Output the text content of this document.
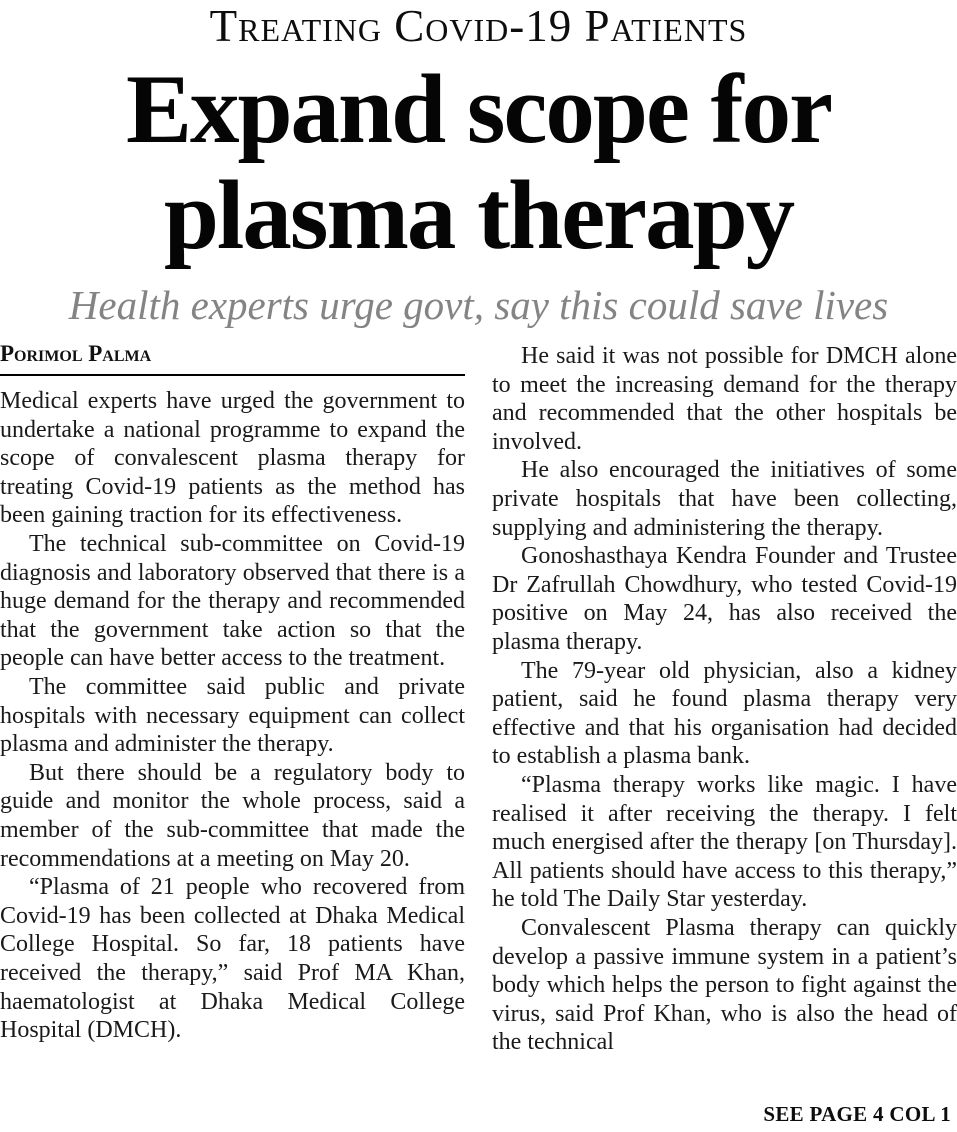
Treating Covid-19 Patients
Expand scope for
plasma therapy
Health experts urge govt, say this could save lives
Porimol Palma

Medical experts have urged the government to undertake a national programme to expand the scope of convalescent plasma therapy for treating Covid-19 patients as the method has been gaining traction for its effectiveness.

The technical sub-committee on Covid-19 diagnosis and laboratory observed that there is a huge demand for the therapy and recommended that the government take action so that the people can have better access to the treatment.

The committee said public and private hospitals with necessary equipment can collect plasma and administer the therapy.

But there should be a regulatory body to guide and monitor the whole process, said a member of the sub-committee that made the recommendations at a meeting on May 20.

“Plasma of 21 people who recovered from Covid-19 has been collected at Dhaka Medical College Hospital. So far, 18 patients have received the therapy,” said Prof MA Khan, haematologist at Dhaka Medical College Hospital (DMCH).

He said it was not possible for DMCH alone to meet the increasing demand for the therapy and recommended that the other hospitals be involved.

He also encouraged the initiatives of some private hospitals that have been collecting, supplying and administering the therapy.

Gonoshasthaya Kendra Founder and Trustee Dr Zafrullah Chowdhury, who tested Covid-19 positive on May 24, has also received the plasma therapy.

The 79-year old physician, also a kidney patient, said he found plasma therapy very effective and that his organisation had decided to establish a plasma bank.

“Plasma therapy works like magic. I have realised it after receiving the therapy. I felt much energised after the therapy [on Thursday]. All patients should have access to this therapy,” he told The Daily Star yesterday.

Convalescent Plasma therapy can quickly develop a passive immune system in a patient’s body which helps the person to fight against the virus, said Prof Khan, who is also the head of the technical

SEE PAGE 4 COL 1
